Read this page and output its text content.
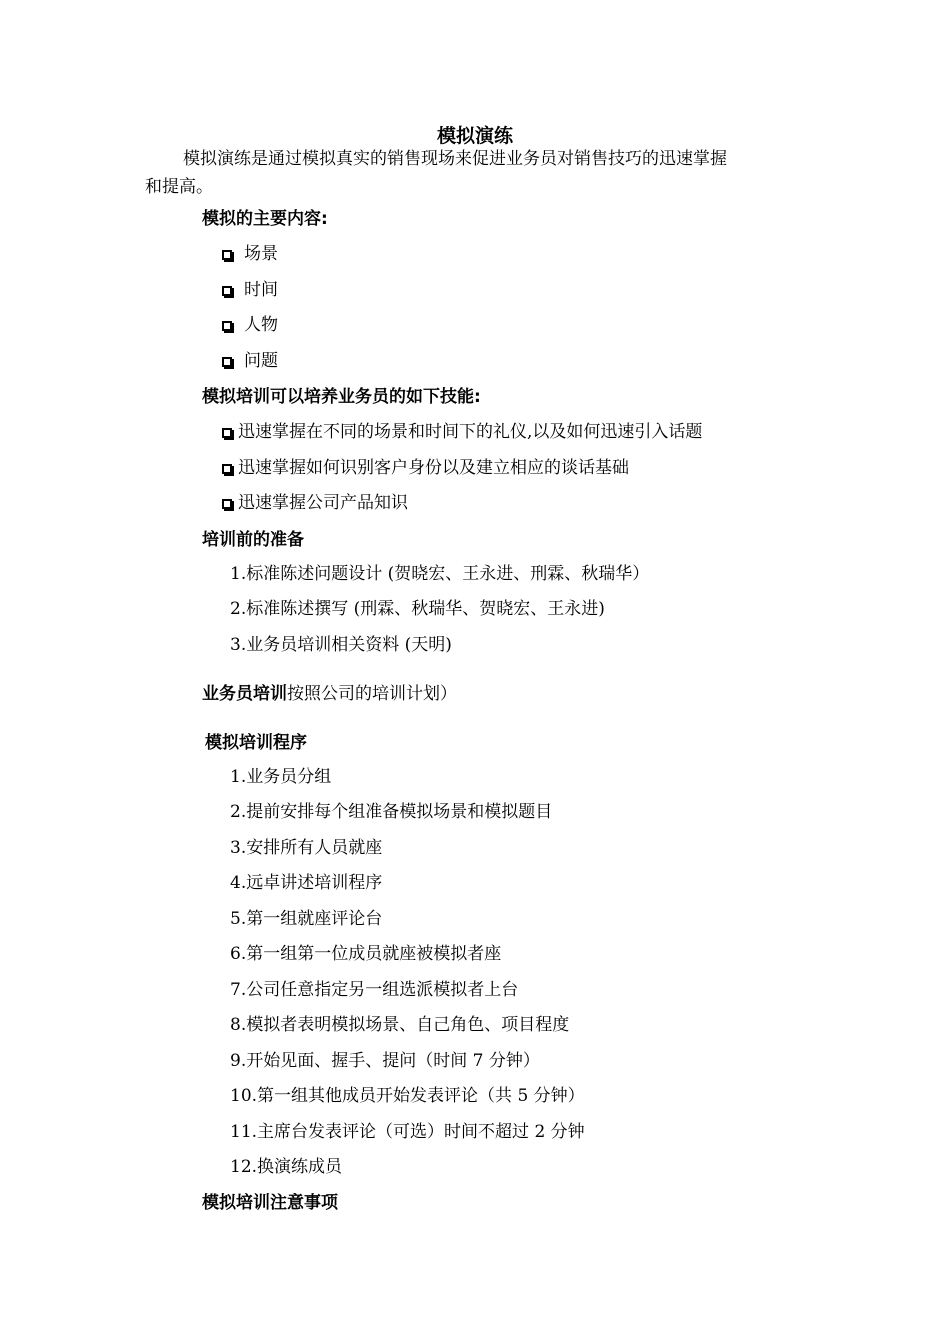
模拟演练
模拟演练是通过模拟真实的销售现场来促进业务员对销售技巧的迅速掌握
和提高。
模拟的主要内容:
场景
时间
人物
问题
模拟培训可以培养业务员的如下技能:
迅速掌握在不同的场景和时间下的礼仪,以及如何迅速引入话题
迅速掌握如何识别客户身份以及建立相应的谈话基础
迅速掌握公司产品知识
培训前的准备
1.标准陈述问题设计 (贺晓宏、王永进、刑霖、秋瑞华）
2.标准陈述撰写 (刑霖、秋瑞华、贺晓宏、王永进)
3.业务员培训相关资料 (天明)
业务员培训按照公司的培训计划）
模拟培训程序
1.业务员分组
2.提前安排每个组准备模拟场景和模拟题目
3.安排所有人员就座
4.远卓讲述培训程序
5.第一组就座评论台
6.第一组第一位成员就座被模拟者座
7.公司任意指定另一组选派模拟者上台
8.模拟者表明模拟场景、自己角色、项目程度
9.开始见面、握手、提问（时间 7 分钟）
10.第一组其他成员开始发表评论（共 5 分钟）
11.主席台发表评论（可选）时间不超过 2 分钟
12.换演练成员
模拟培训注意事项
